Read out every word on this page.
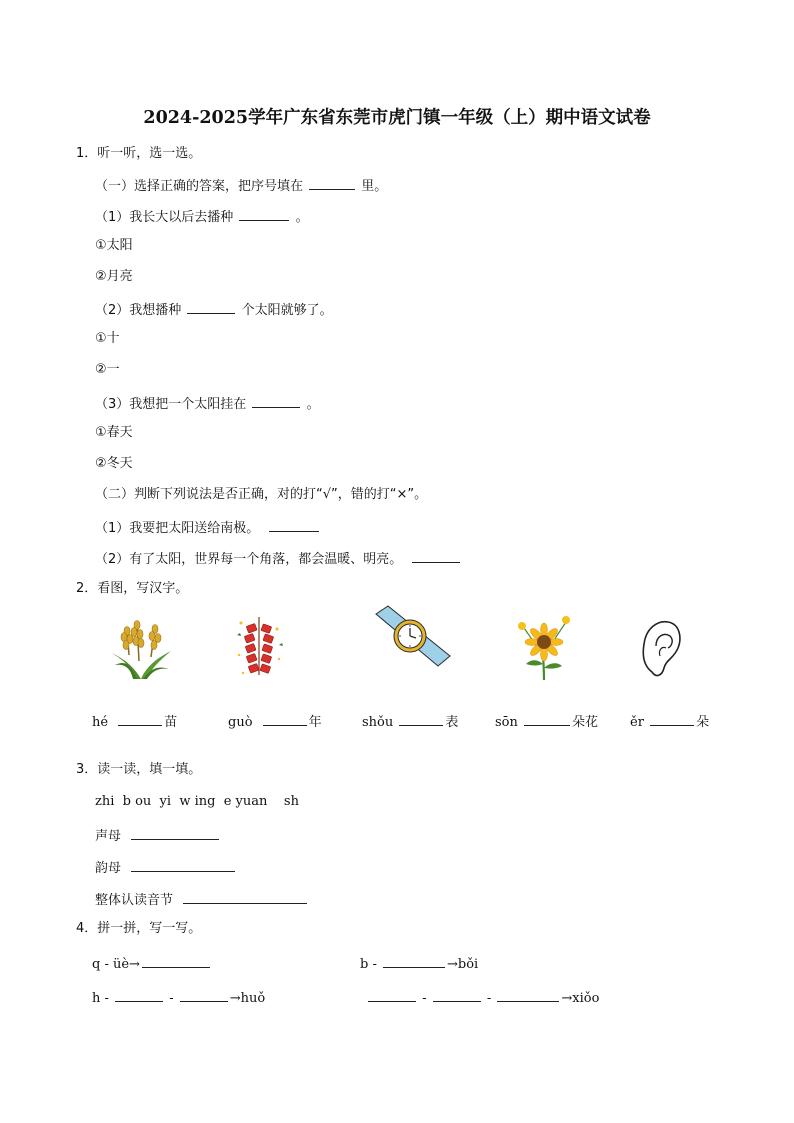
2024-2025学年广东省东莞市虎门镇一年级（上）期中语文试卷
1．听一听，选一选。
（一）选择正确的答案，把序号填在	里。
（1）我长大以后去播种	。
①太阳
②月亮
（2）我想播种	个太阳就够了。
①十
②一
（3）我想把一个太阳挂在	。
①春天
②冬天
（二）判断下列说法是否正确，对的打“√”，错的打“×”。
（1）我要把太阳送给南极。
（2）有了太阳，世界每一个角落，都会温暖、明亮。
2．看图，写汉字。
hé	苗	guò	年	shǒu	表	sōn	朵花 ěr	朵
3．读一读，填一填。
zhi  b ou  yi  w ing  e yuan    sh
声母
韵母
整体认读音节
4．拼一拼，写一写。
q - üè→	b -	→bǒi
h -	-	→huǒ	-	-	→xiǒo
